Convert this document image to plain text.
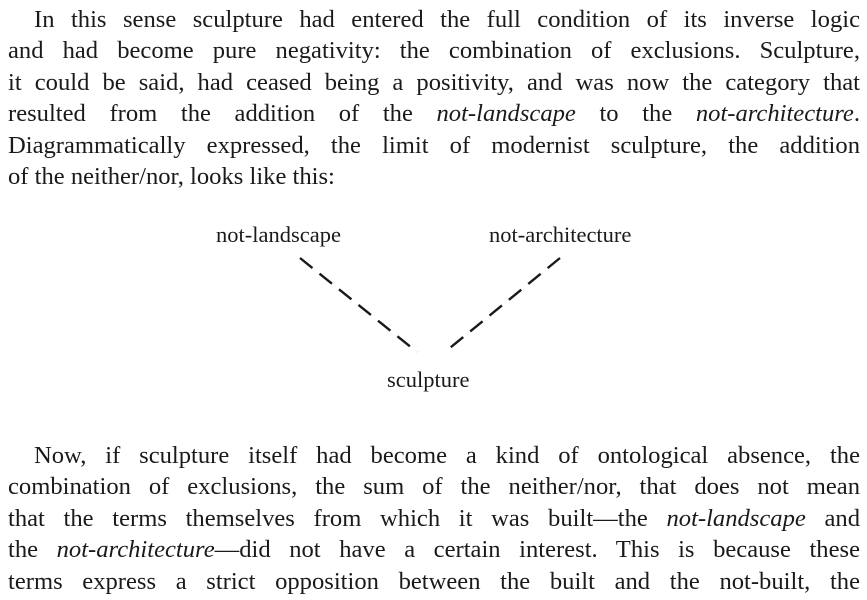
In this sense sculpture had entered the full condition of its inverse logic
and had become pure negativity: the combination of exclusions. Sculpture,
it could be said, had ceased being a positivity, and was now the category that
resulted from the addition of the not-landscape to the not-architecture.
Diagrammatically expressed, the limit of modernist sculpture, the addition
of the neither/nor, looks like this:

not-landscape	not-architecture
sculpture

Now, if sculpture itself had become a kind of ontological absence, the
combination of exclusions, the sum of the neither/nor, that does not mean
that the terms themselves from which it was built—the not-landscape and
the not-architecture—did not have a certain interest. This is because these
terms express a strict opposition between the built and the not-built, the
